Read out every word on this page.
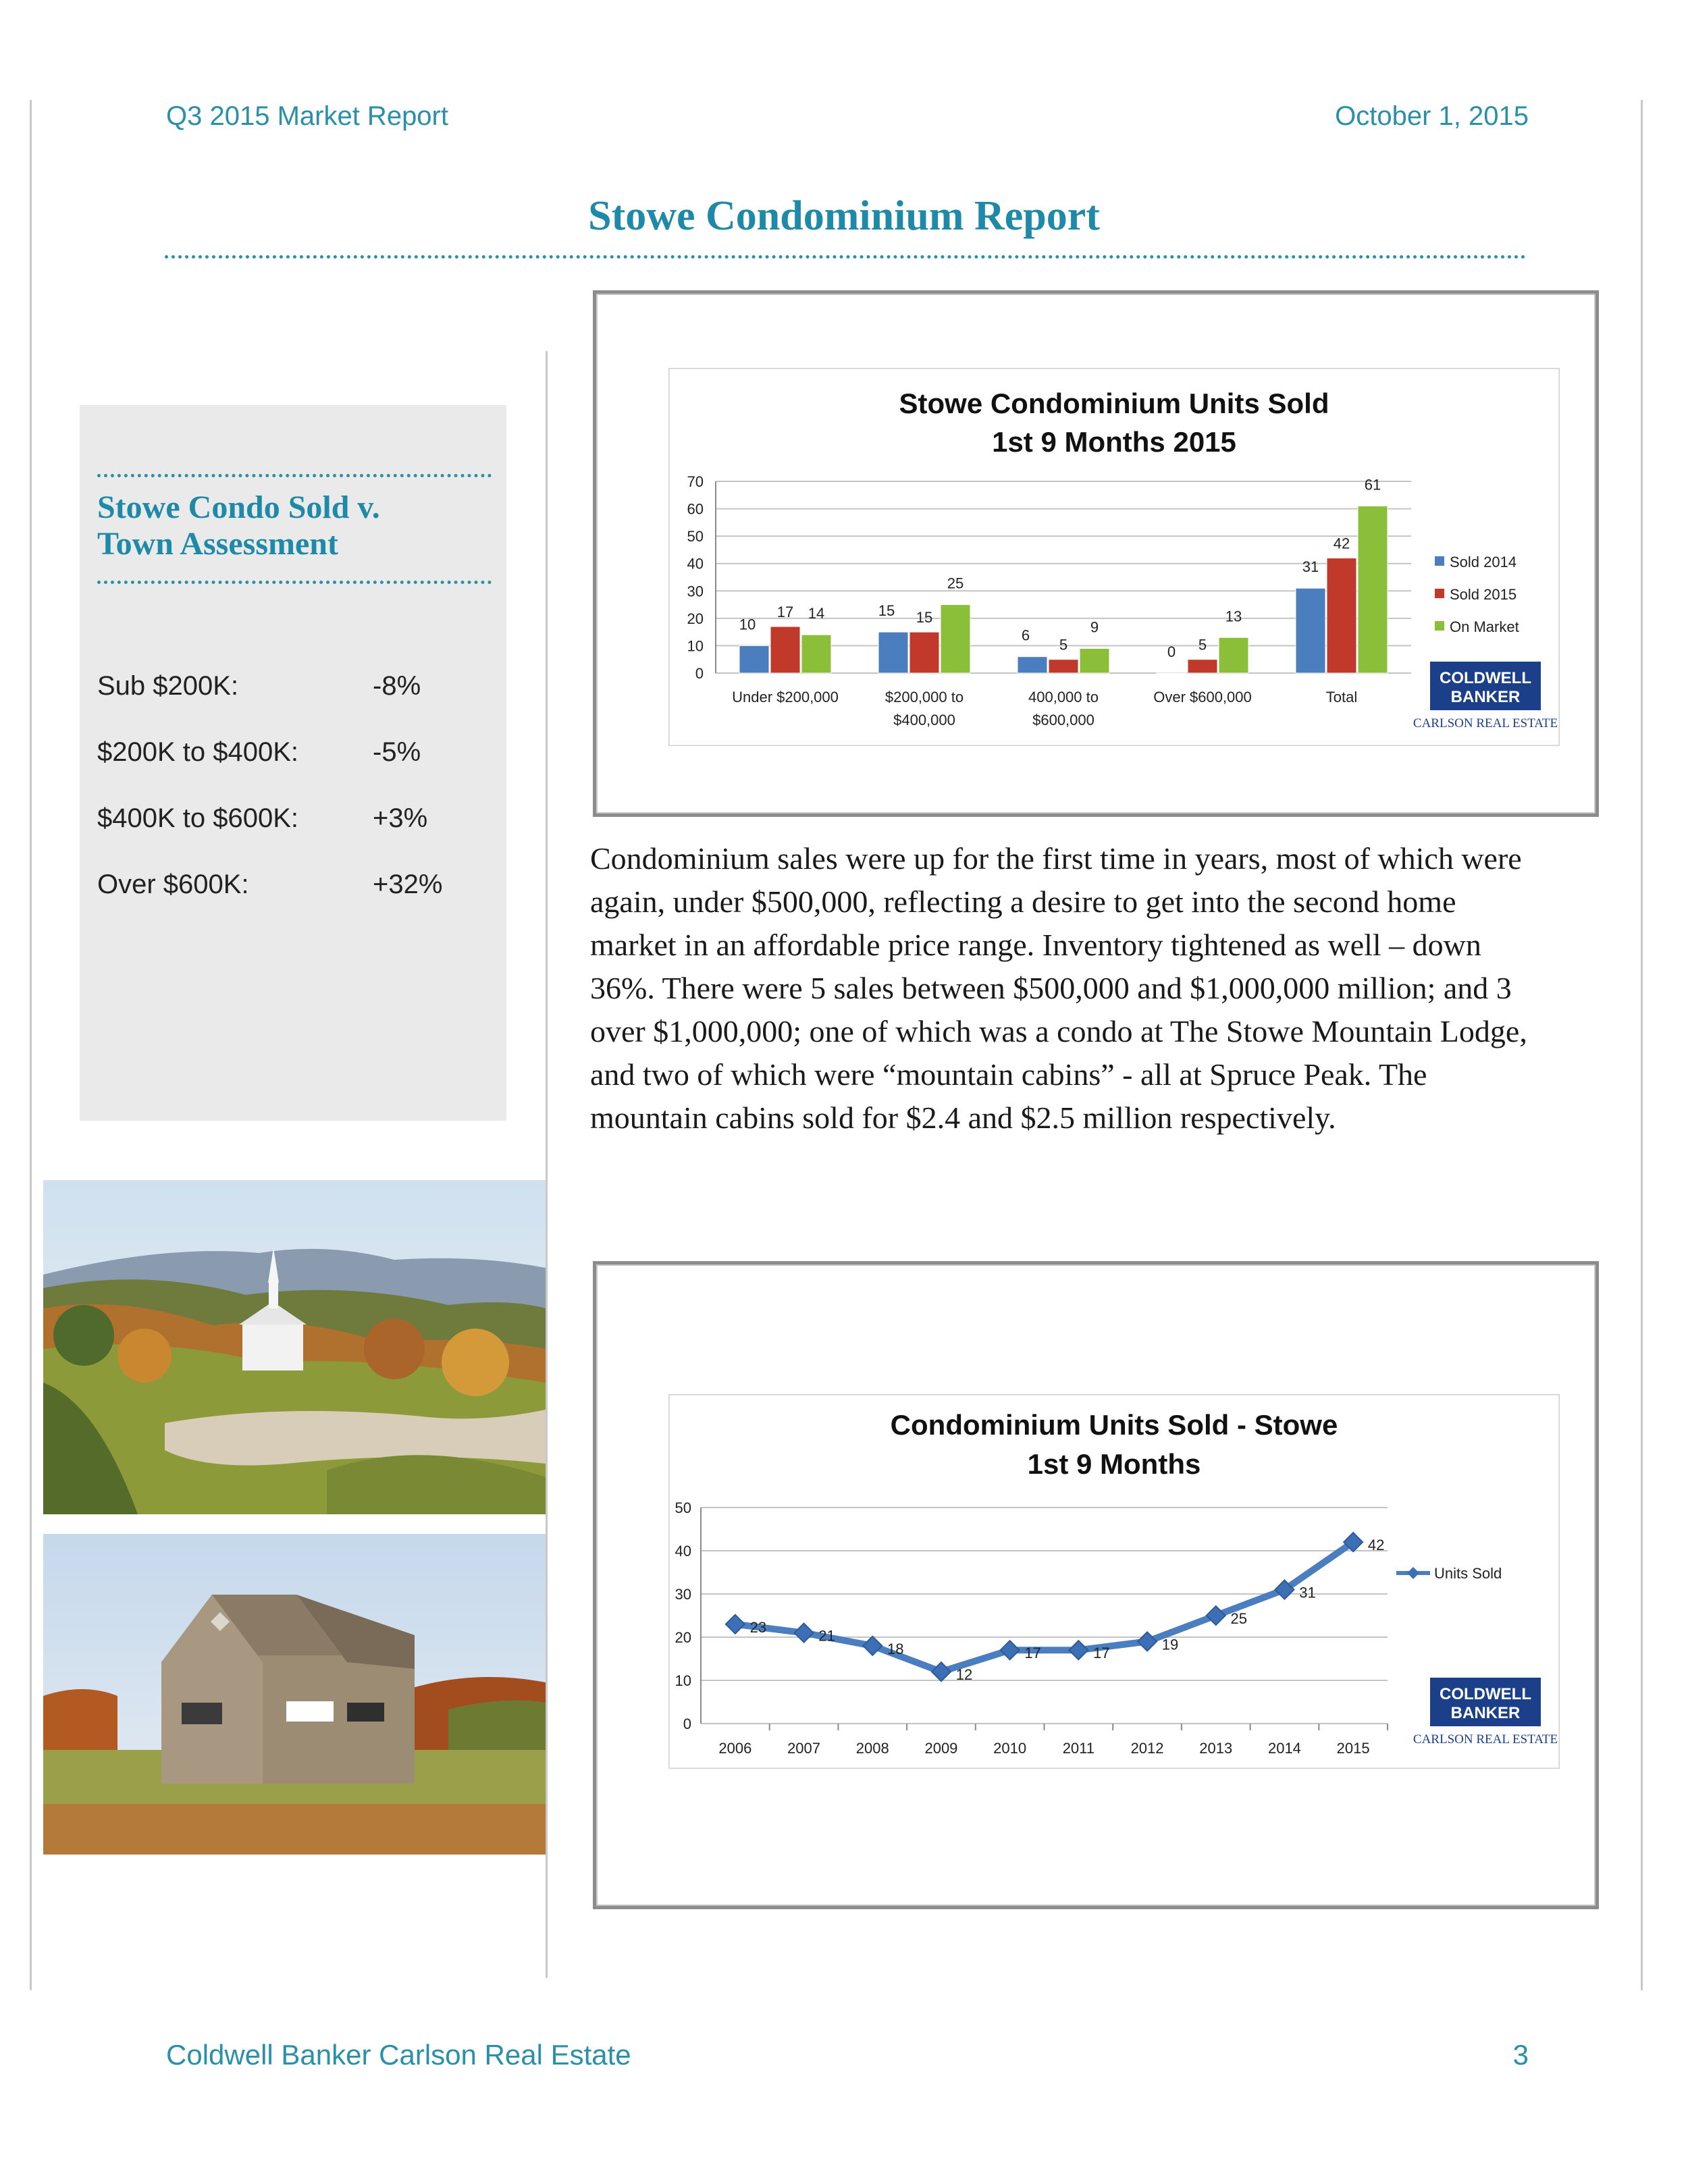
Q3 2015 Market Report	October 1, 2015
Stowe Condominium Report
Stowe Condo Sold v.
Town Assessment
Sub $200K:	-8%
$200K to $400K:	-5%
$400K to $600K:	+3%
Over $600K:	+32%
Stowe Condominium Units Sold
1st 9 Months 2015
0
10
20
30
40
50
60
70
Under $200,000	$200,000 to
$400,000
400,000 to
$600,000
Over $600,000	Total
10
17 14	15 15
25
6
5
9
0 5
13
31
42
61
Sold 2014
Sold 2015
On Market
COLDWELL
BANKER
CARLSON REAL ESTATE

Condominium sales were up for the first time in years, most of which were again, under $500,000, reflecting a desire to get into the second home market in an affordable price range. Inventory tightened as well – down 36%. There were 5 sales between $500,000 and $1,000,000 million; and 3 over $1,000,000; one of which was a condo at The Stowe Mountain Lodge, and two of which were “mountain cabins” - all at Spruce Peak. The mountain cabins sold for $2.4 and $2.5 million respectively.

Condominium Units Sold - Stowe
1st 9 Months
0
10
20
30
40
50
2006 2007 2008 2009 2010 2011 2012 2013 2014 2015
23
21
18
12
17	17
19
25
31
42
Units Sold
COLDWELL
BANKER
CARLSON REAL ESTATE
Coldwell Banker Carlson Real Estate	3
